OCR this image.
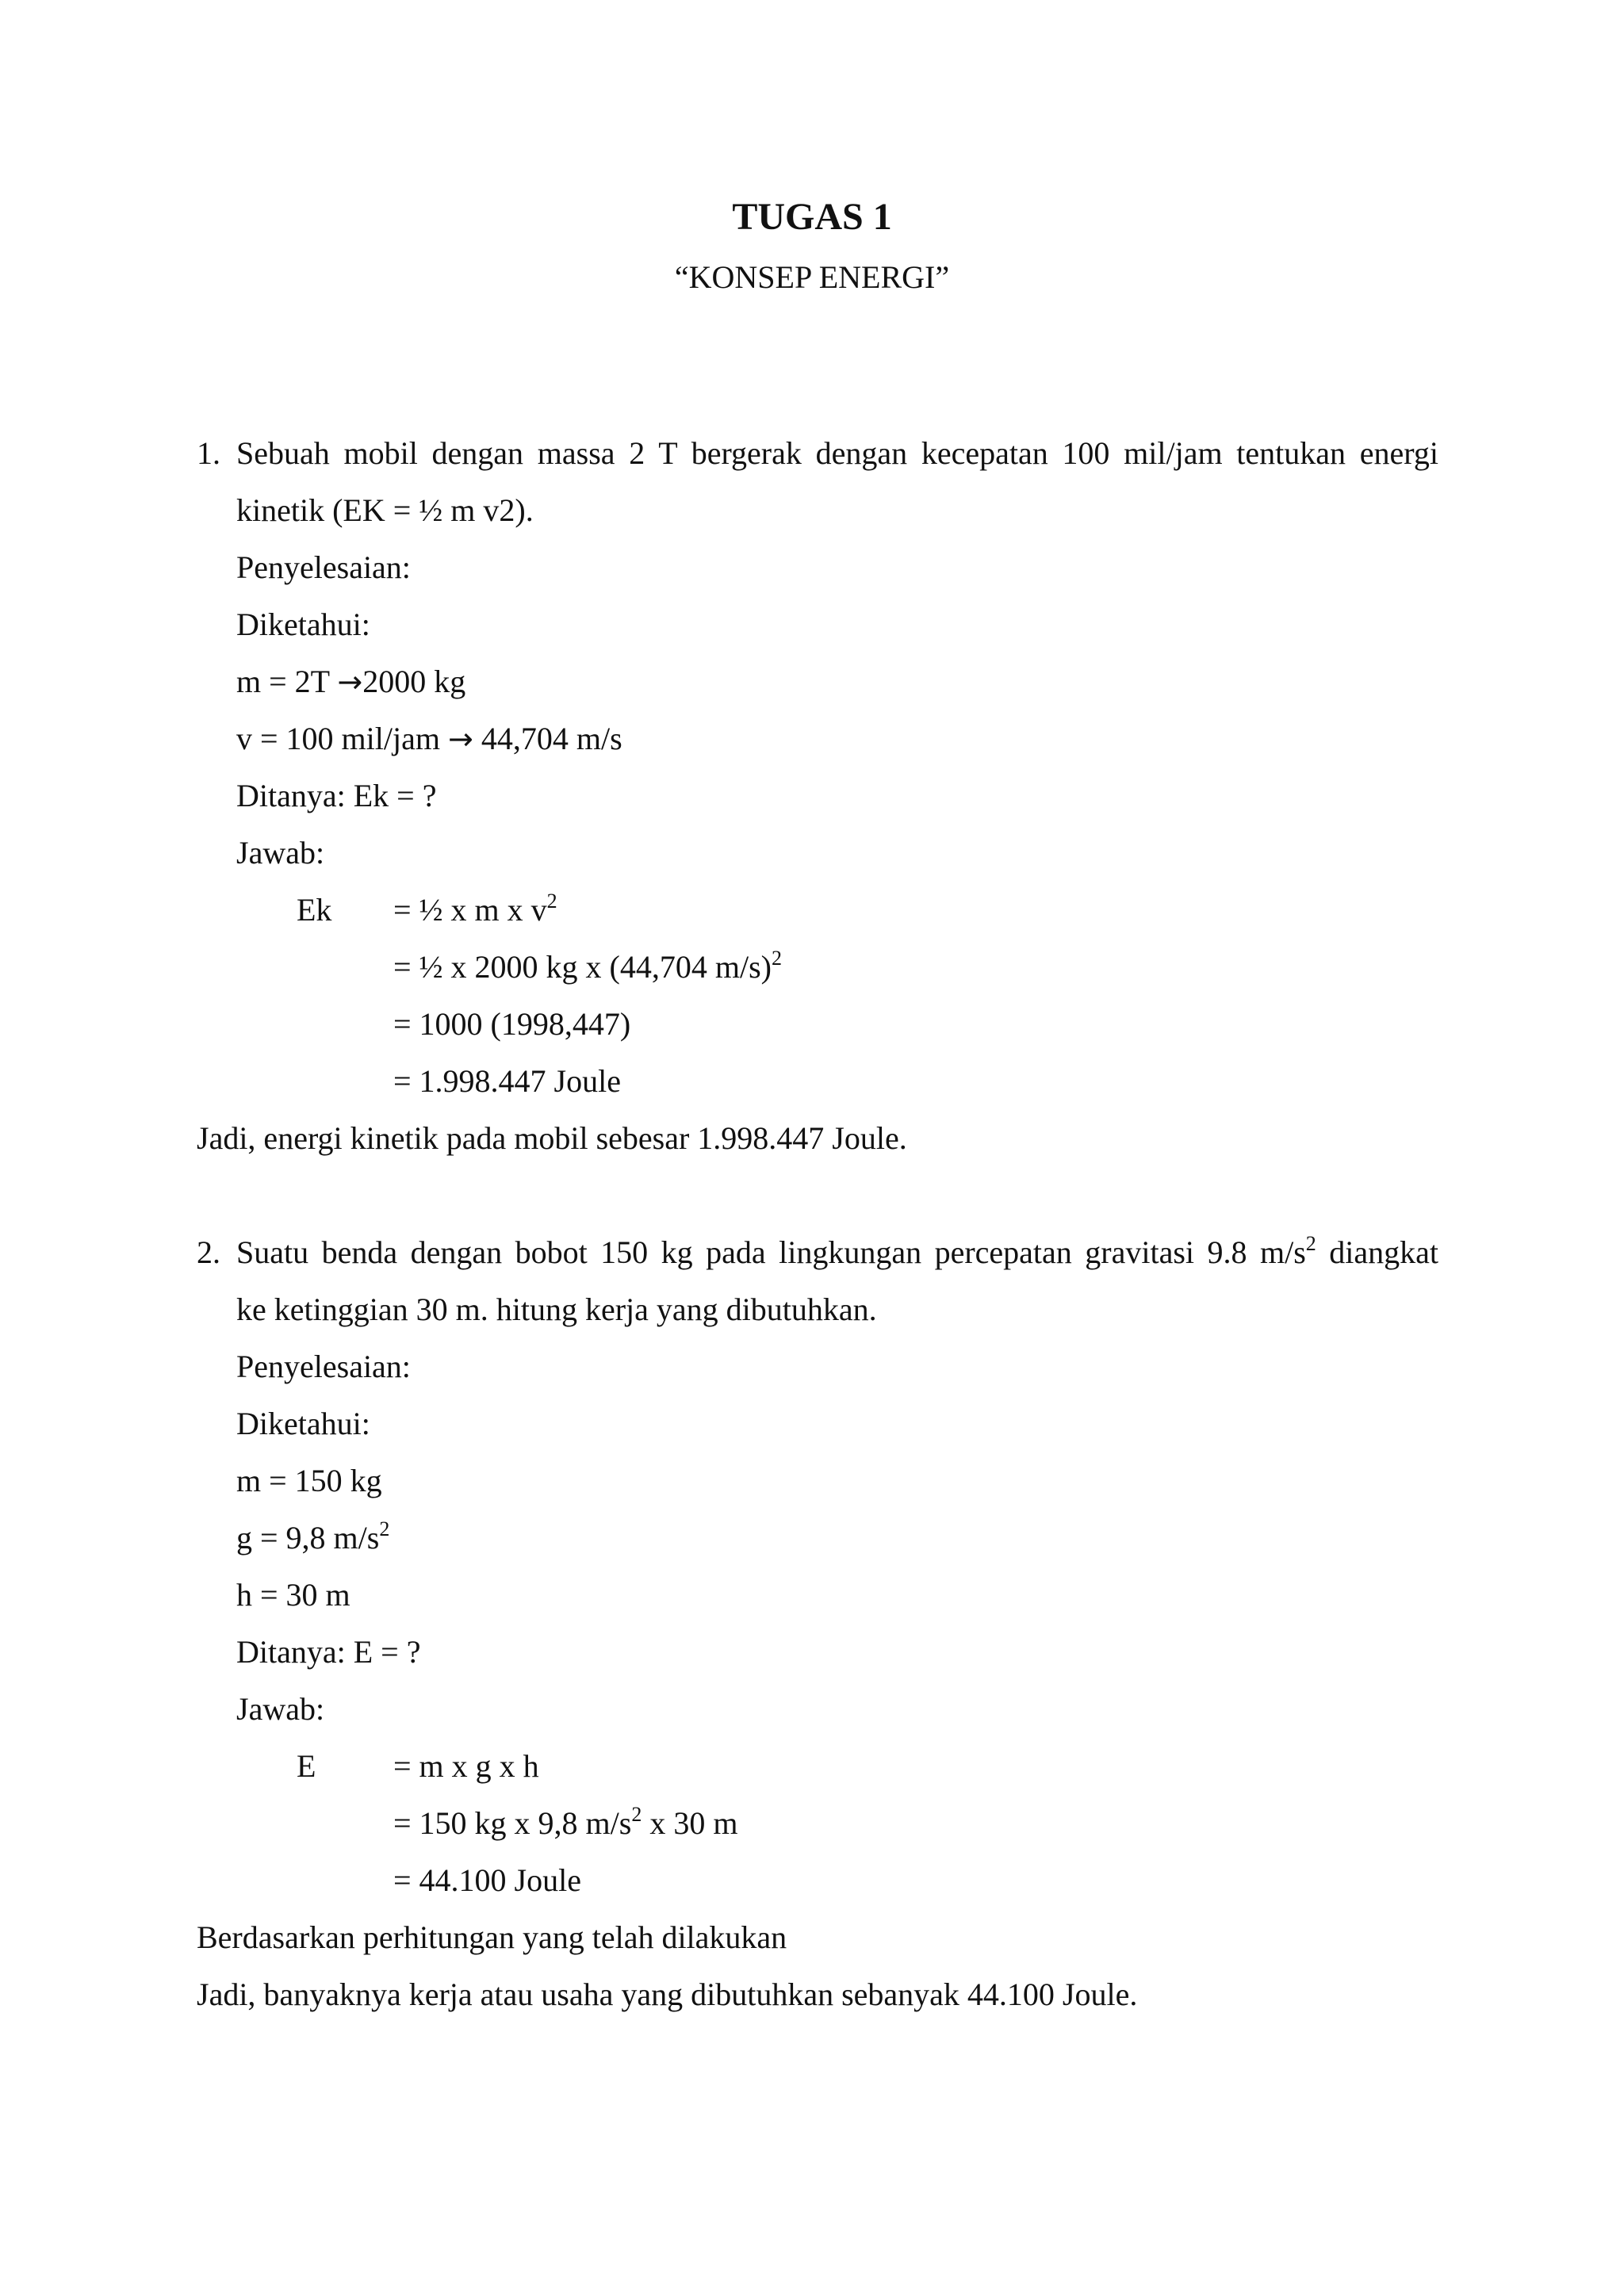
TUGAS 1
“KONSEP ENERGI”
1. Sebuah mobil dengan massa 2 T bergerak dengan kecepatan 100 mil/jam tentukan energi
kinetik (EK = ½ m v2).
Penyelesaian:
Diketahui:
m = 2T →2000 kg
v = 100 mil/jam → 44,704 m/s
Ditanya: Ek = ?
Jawab:
Ek = ½ x m x $v^2$
= ½ x 2000 kg x (44,704 m/s)$^2$
= 1000 (1998,447)
= 1.998.447 Joule
Jadi, energi kinetik pada mobil sebesar 1.998.447 Joule.
2. Suatu benda dengan bobot 150 kg pada lingkungan percepatan gravitasi 9.8 $m/s^2$ diangkat
ke ketinggian 30 m. hitung kerja yang dibutuhkan.
Penyelesaian:
Diketahui:
m = 150 kg
g = 9,8 $m/s^2$
h = 30 m
Ditanya: E = ?
Jawab:
E = m x g x h
= 150 kg x 9,8 $m/s^2$ x 30 m
= 44.100 Joule
Berdasarkan perhitungan yang telah dilakukan
Jadi, banyaknya kerja atau usaha yang dibutuhkan sebanyak 44.100 Joule.
